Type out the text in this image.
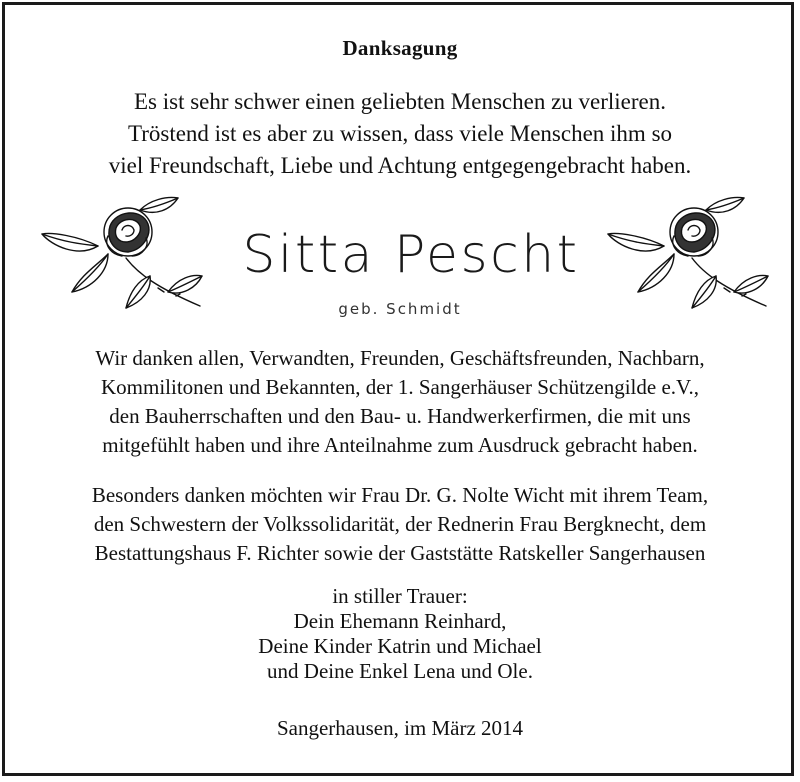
Danksagung
Es ist sehr schwer einen geliebten Menschen zu verlieren.
Tröstend ist es aber zu wissen, dass viele Menschen ihm so
viel Freundschaft, Liebe und Achtung entgegengebracht haben.
Sitta Pescht
geb. Schmidt
Wir danken allen, Verwandten, Freunden, Geschäftsfreunden, Nachbarn,
Kommilitonen und Bekannten, der 1. Sangerhäuser Schützengilde e.V.,
den Bauherrschaften und den Bau- u. Handwerkerfirmen, die mit uns
mitgefühlt haben und ihre Anteilnahme zum Ausdruck gebracht haben.
Besonders danken möchten wir Frau Dr. G. Nolte Wicht mit ihrem Team,
den Schwestern der Volkssolidarität, der Rednerin Frau Bergknecht, dem
Bestattungshaus F. Richter sowie der Gaststätte Ratskeller Sangerhausen
in stiller Trauer:
Dein Ehemann Reinhard,
Deine Kinder Katrin und Michael
und Deine Enkel Lena und Ole.
Sangerhausen, im März 2014
